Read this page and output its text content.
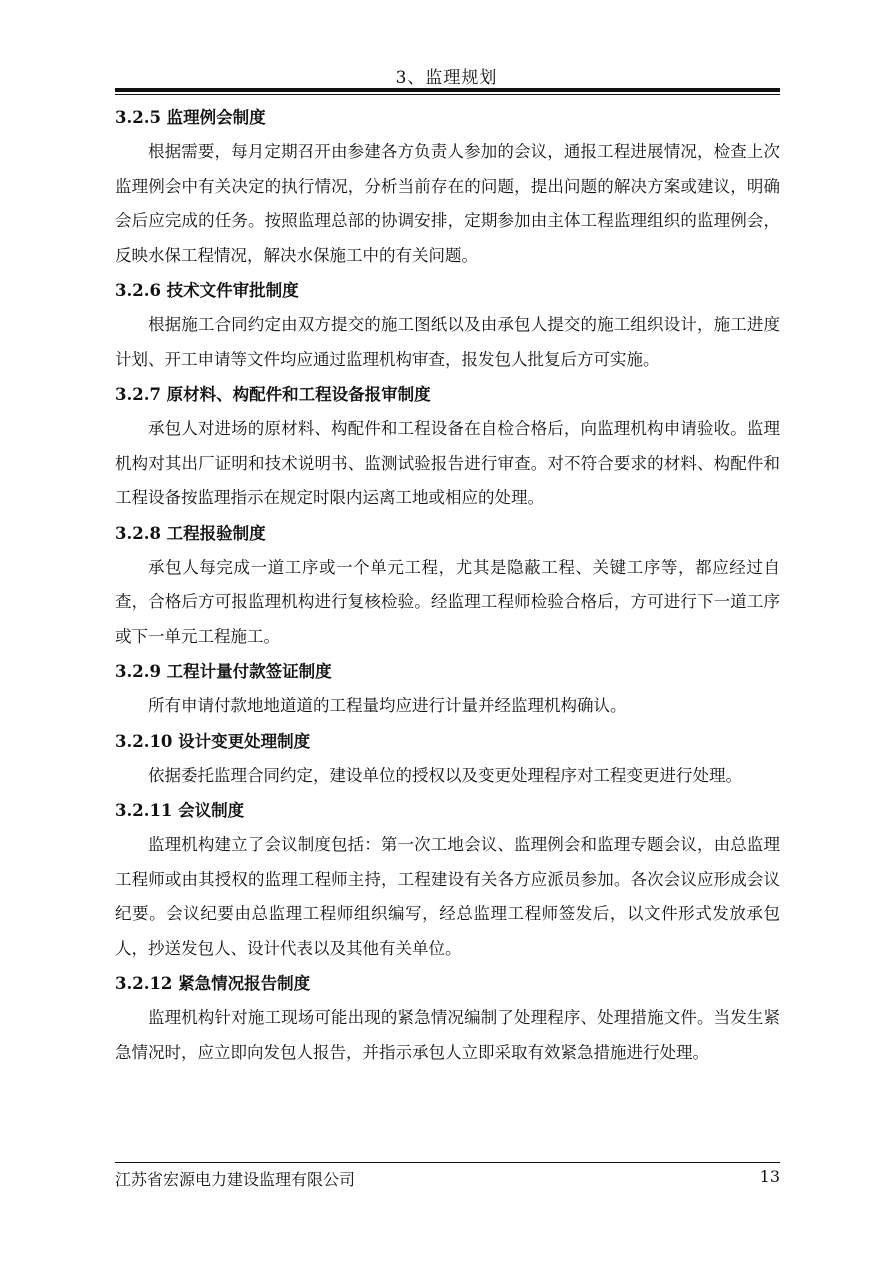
3、监理规划
3.2.5 监理例会制度

根据需要，每月定期召开由参建各方负责人参加的会议，通报工程进展情况，检查上次监理例会中有关决定的执行情况，分析当前存在的问题，提出问题的解决方案或建议，明确会后应完成的任务。按照监理总部的协调安排，定期参加由主体工程监理组织的监理例会，反映水保工程情况，解决水保施工中的有关问题。

3.2.6 技术文件审批制度

根据施工合同约定由双方提交的施工图纸以及由承包人提交的施工组织设计，施工进度计划、开工申请等文件均应通过监理机构审查，报发包人批复后方可实施。

3.2.7 原材料、构配件和工程设备报审制度

承包人对进场的原材料、构配件和工程设备在自检合格后，向监理机构申请验收。监理机构对其出厂证明和技术说明书、监测试验报告进行审查。对不符合要求的材料、构配件和工程设备按监理指示在规定时限内运离工地或相应的处理。

3.2.8 工程报验制度

承包人每完成一道工序或一个单元工程，尤其是隐蔽工程、关键工序等，都应经过自查，合格后方可报监理机构进行复核检验。经监理工程师检验合格后，方可进行下一道工序或下一单元工程施工。

3.2.9 工程计量付款签证制度

所有申请付款地地道道的工程量均应进行计量并经监理机构确认。

3.2.10 设计变更处理制度

依据委托监理合同约定，建设单位的授权以及变更处理程序对工程变更进行处理。

3.2.11 会议制度

监理机构建立了会议制度包括：第一次工地会议、监理例会和监理专题会议，由总监理工程师或由其授权的监理工程师主持，工程建设有关各方应派员参加。各次会议应形成会议纪要。会议纪要由总监理工程师组织编写，经总监理工程师签发后，以文件形式发放承包人，抄送发包人、设计代表以及其他有关单位。

3.2.12 紧急情况报告制度

监理机构针对施工现场可能出现的紧急情况编制了处理程序、处理措施文件。当发生紧急情况时，应立即向发包人报告，并指示承包人立即采取有效紧急措施进行处理。

江苏省宏源电力建设监理有限公司	13
